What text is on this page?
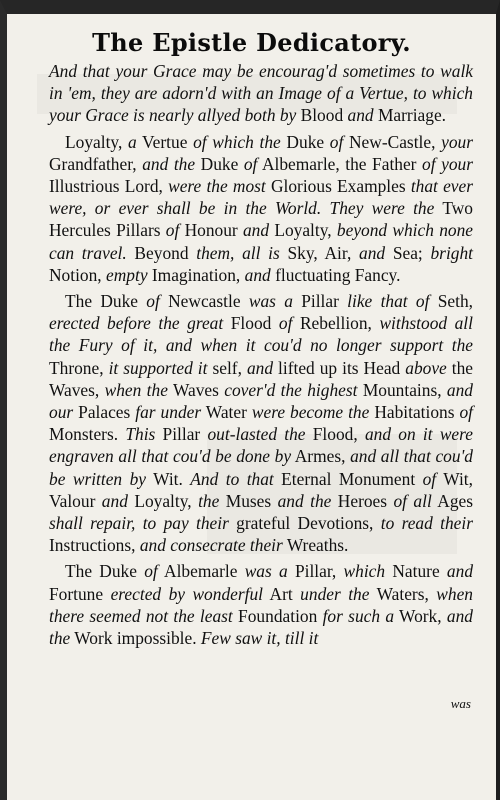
The Epistle Dedicatory.

And that your Grace may be encourag'd sometimes to walk in 'em, they are adorn'd with an Image of a Vertue, to which your Grace is nearly allyed both by Blood and Marriage.

Loyalty, a Vertue of which the Duke of New-Castle, your Grandfather, and the Duke of Albemarle, the Father of your Illustrious Lord, were the most Glorious Examples that ever were, or ever shall be in the World. They were the Two Hercules Pillars of Honour and Loyalty, beyond which none can travel. Beyond them, all is Sky, Air, and Sea; bright Notion, empty Imagination, and fluctuating Fancy.

The Duke of Newcastle was a Pillar like that of Seth, erected before the great Flood of Rebellion, withstood all the Fury of it, and when it cou'd no longer support the Throne, it supported it self, and lifted up its Head above the Waves, when the Waves cover'd the highest Mountains, and our Palaces far under Water were become the Habitations of Monsters. This Pillar out-lasted the Flood, and on it were engraven all that cou'd be done by Armes, and all that cou'd be written by Wit. And to that Eternal Monument of Wit, Valour and Loyalty, the Muses and the Heroes of all Ages shall repair, to pay their grateful Devotions, to read their Instructions, and consecrate their Wreaths.

The Duke of Albemarle was a Pillar, which Nature and Fortune erected by wonderful Art under the Waters, when there seemed not the least Foundation for such a Work, and the Work impossible. Few saw it, till it

was
